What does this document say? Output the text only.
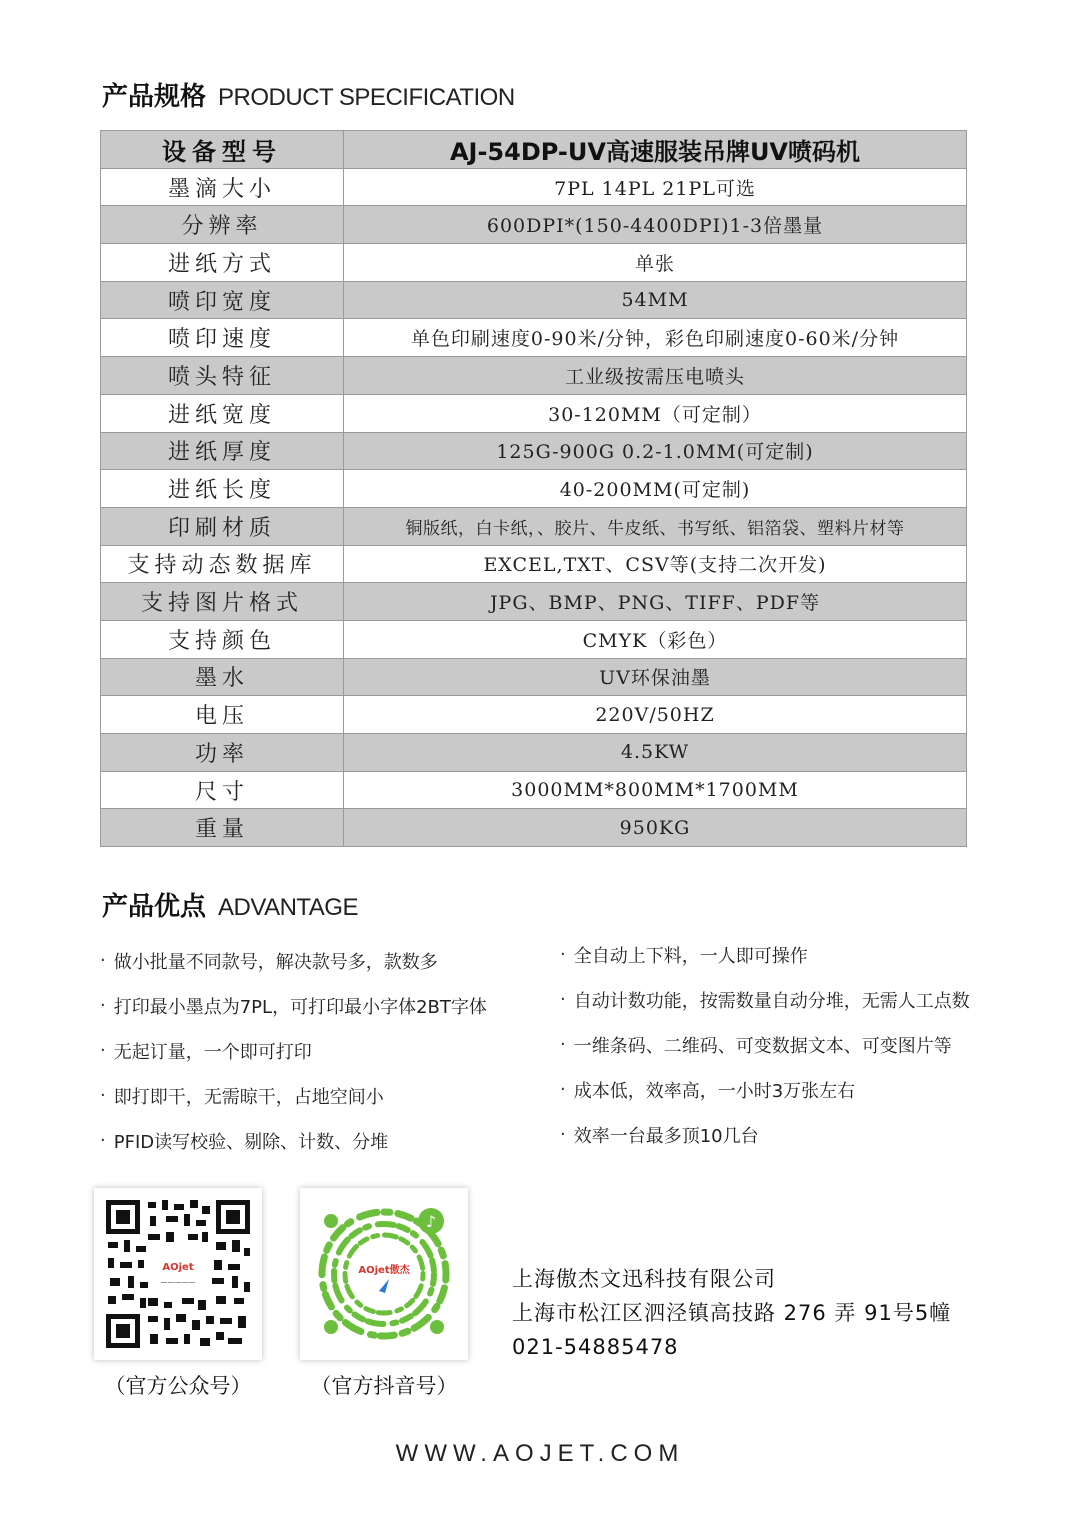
产品规格 PRODUCT SPECIFICATION
设备型号	AJ-54DP-UV高速服装吊牌UV喷码机
墨滴大小	7PL 14PL 21PL可选
分辨率	600DPI*(150-4400DPI)1-3倍墨量
进纸方式	单张
喷印宽度	54MM
喷印速度	单色印刷速度0-90米/分钟，彩色印刷速度0-60米/分钟
喷头特征	工业级按需压电喷头
进纸宽度	30-120MM（可定制）
进纸厚度	125G-900G 0.2-1.0MM(可定制)
进纸长度	40-200MM(可定制)
印刷材质	铜版纸，白卡纸，、胶片、牛皮纸、书写纸、铝箔袋、塑料片材等
支持动态数据库	EXCEL,TXT、CSV等(支持二次开发)
支持图片格式	JPG、BMP、PNG、TIFF、PDF等
支持颜色	CMYK（彩色）
墨水	UV环保油墨
电压	220V/50HZ
功率	4.5KW
尺寸	3000MM*800MM*1700MM
重量	950KG
产品优点 ADVANTAGE
· 做小批量不同款号，解决款号多，款数多
· 打印最小墨点为7PL，可打印最小字体2BT字体
· 无起订量，一个即可打印
· 即打即干，无需晾干，占地空间小
· PFID读写校验、剔除、计数、分堆
· 全自动上下料，一人即可操作
· 自动计数功能，按需数量自动分堆，无需人工点数
· 一维条码、二维码、可变数据文本、可变图片等
· 成本低，效率高，一小时3万张左右
· 效率一台最多顶10几台
AOjet
—————
（官方公众号）
♪
AOjet傲杰
（官方抖音号）
上海傲杰文迅科技有限公司
上海市松江区泗泾镇高技路 276 弄 91号5幢
021-54885478
WWW.AOJET.COM
